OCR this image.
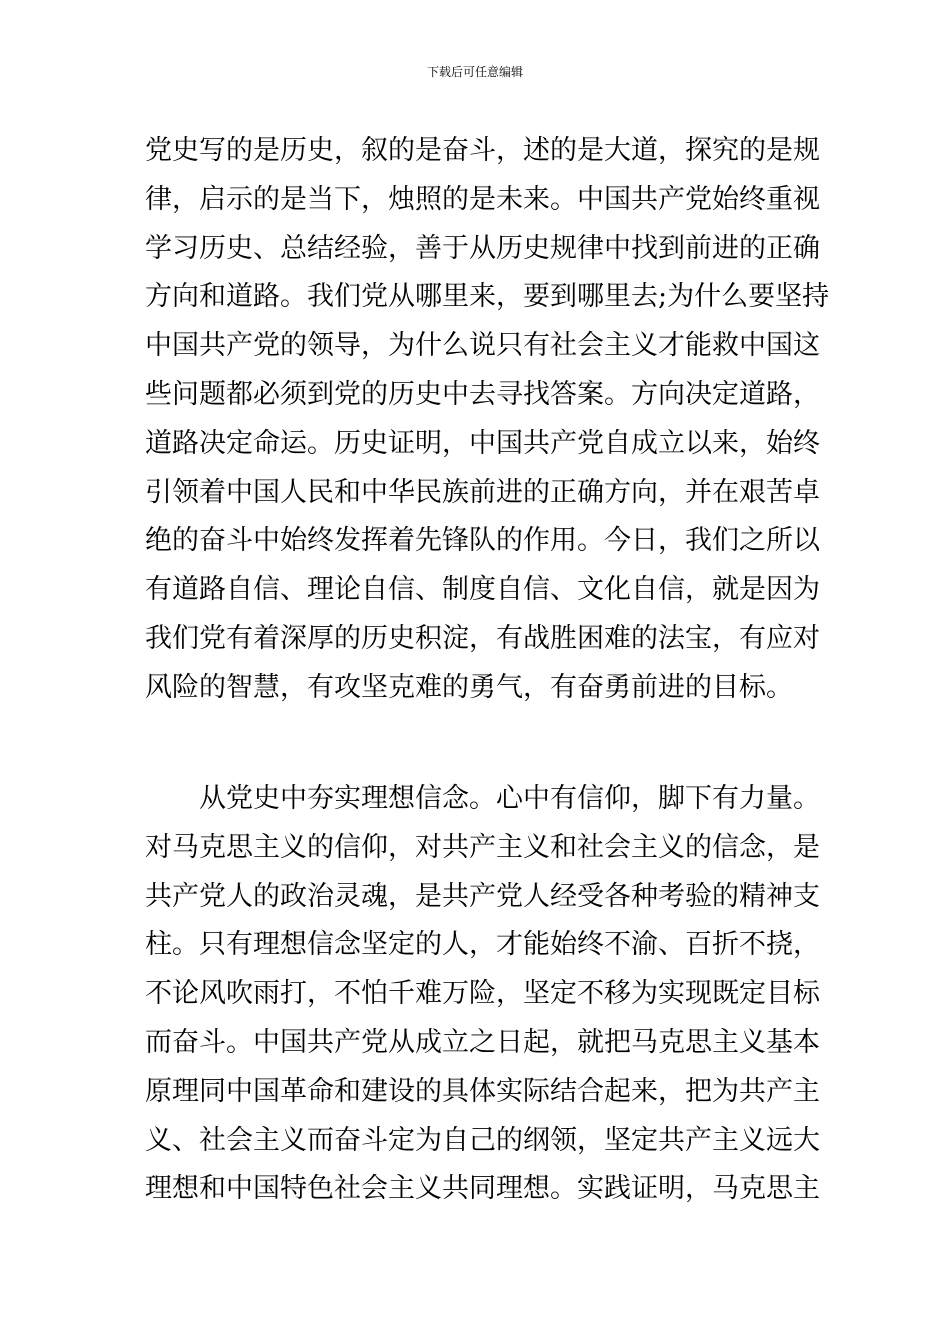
下载后可任意编辑
党史写的是历史，叙的是奋斗，述的是大道，探究的是规
律，启示的是当下，烛照的是未来。中国共产党始终重视
学习历史、总结经验，善于从历史规律中找到前进的正确
方向和道路。我们党从哪里来，要到哪里去;为什么要坚持
中国共产党的领导，为什么说只有社会主义才能救中国这
些问题都必须到党的历史中去寻找答案。方向决定道路，
道路决定命运。历史证明，中国共产党自成立以来，始终
引领着中国人民和中华民族前进的正确方向，并在艰苦卓
绝的奋斗中始终发挥着先锋队的作用。今日，我们之所以
有道路自信、理论自信、制度自信、文化自信，就是因为
我们党有着深厚的历史积淀，有战胜困难的法宝，有应对
风险的智慧，有攻坚克难的勇气，有奋勇前进的目标。
从党史中夯实理想信念。心中有信仰，脚下有力量。
对马克思主义的信仰，对共产主义和社会主义的信念，是
共产党人的政治灵魂，是共产党人经受各种考验的精神支
柱。只有理想信念坚定的人，才能始终不渝、百折不挠，
不论风吹雨打，不怕千难万险，坚定不移为实现既定目标
而奋斗。中国共产党从成立之日起，就把马克思主义基本
原理同中国革命和建设的具体实际结合起来，把为共产主
义、社会主义而奋斗定为自己的纲领，坚定共产主义远大
理想和中国特色社会主义共同理想。实践证明，马克思主
